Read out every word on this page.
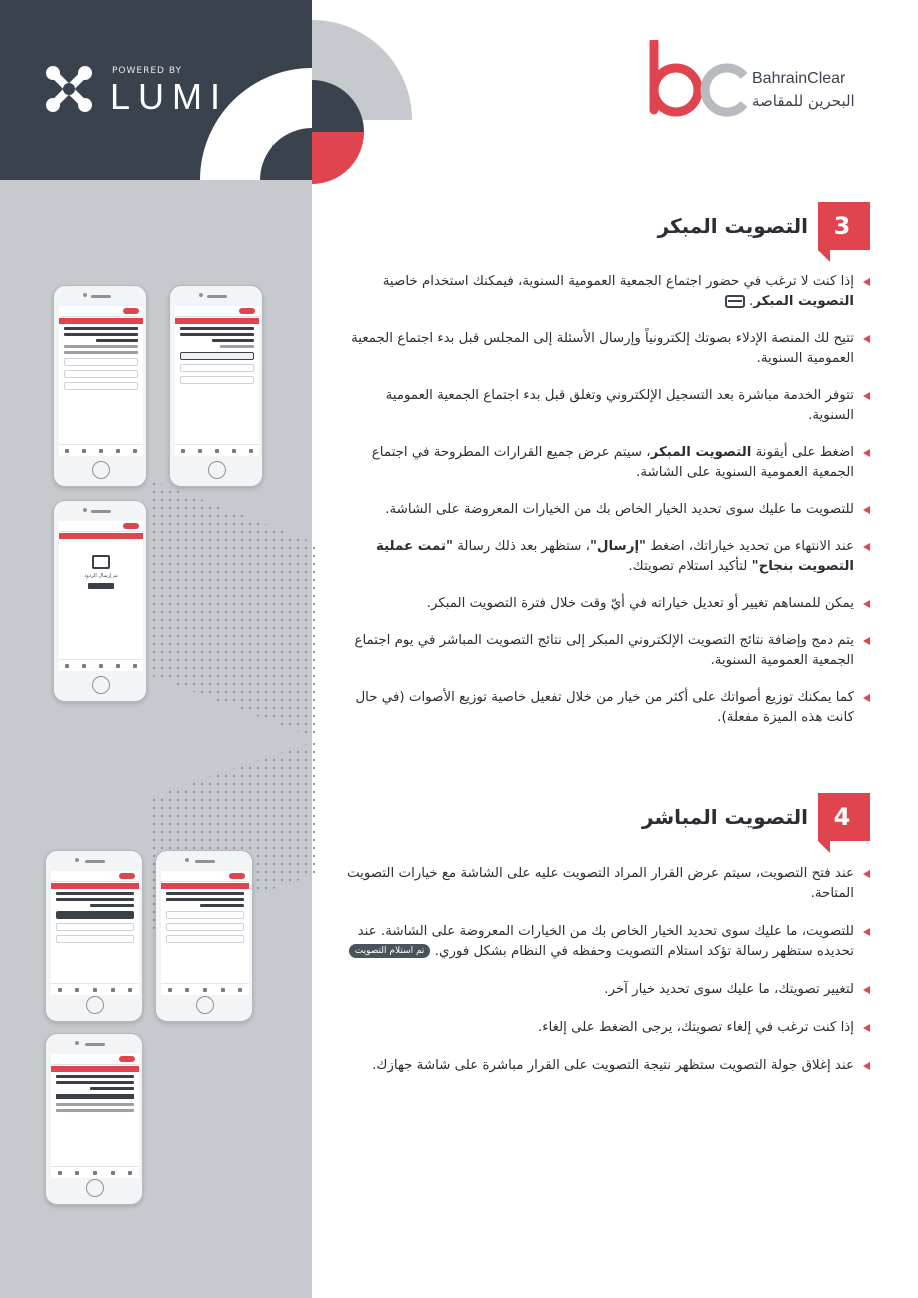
POWERED BY
LUMI	BahrainClear
البحرين للمقاصة
تم إرسال الردود
3
التصويت المبكر
إذا كنت لا ترغب في حضور اجتماع الجمعية العمومية السنوية، فيمكنك استخدام خاصية التصويت المبكر.
تتيح لك المنصة الإدلاء بصوتك إلكترونياً وإرسال الأسئلة إلى المجلس قبل بدء اجتماع الجمعية العمومية السنوية.
تتوفر الخدمة مباشرة بعد التسجيل الإلكتروني وتغلق قبل بدء اجتماع الجمعية العمومية السنوية.
اضغط على أيقونة التصويت المبكر، سيتم عرض جميع القرارات المطروحة في اجتماع الجمعية العمومية السنوية على الشاشة.
للتصويت ما عليك سوى تحديد الخيار الخاص بك من الخيارات المعروضة على الشاشة.
عند الانتهاء من تحديد خياراتك، اضغط "إرسال"، ستظهر بعد ذلك رسالة "تمت عملية التصويت بنجاح" لتأكيد استلام تصويتك.
يمكن للمساهم تغيير أو تعديل خياراته في أيّ وقت خلال فترة التصويت المبكر.
يتم دمج وإضافة نتائج التصويت الإلكتروني المبكر إلى نتائج التصويت المباشر في يوم اجتماع الجمعية العمومية السنوية.
كما يمكنك توزيع أصواتك على أكثر من خيار من خلال تفعيل خاصية توزيع الأصوات (في حال كانت هذه الميزة مفعلة).
4
التصويت المباشر
عند فتح التصويت، سيتم عرض القرار المراد التصويت عليه على الشاشة مع خيارات التصويت المتاحة.
للتصويت، ما عليك سوى تحديد الخيار الخاص بك من الخيارات المعروضة على الشاشة. عند تحديده ستظهر رسالة تؤكد استلام التصويت وحفظه في النظام بشكل فوري. تم استلام التصويت
لتغيير تصويتك، ما عليك سوى تحديد خيار آخر.
إذا كنت ترغب في إلغاء تصويتك، يرجى الضغط على إلغاء.
عند إغلاق جولة التصويت ستظهر نتيجة التصويت على القرار مباشرة على شاشة جهازك.
